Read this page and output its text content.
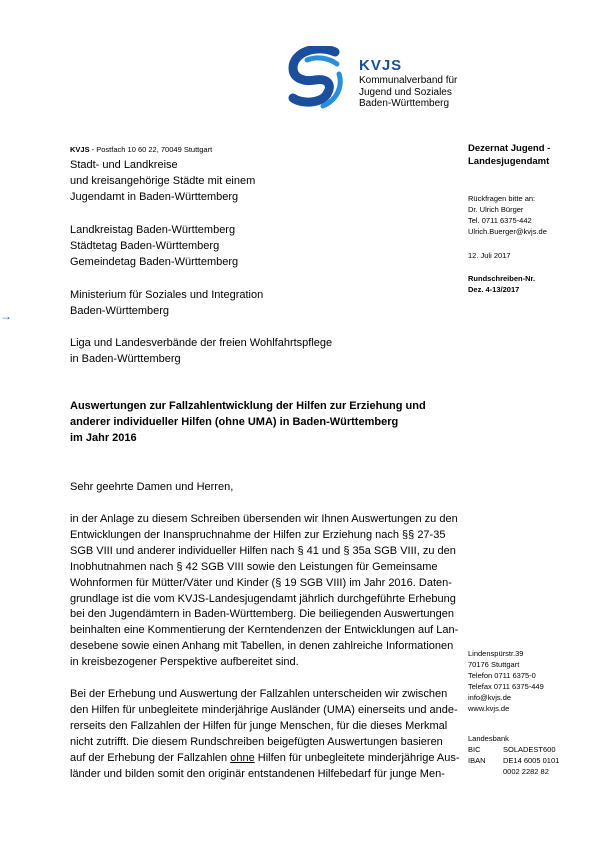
KVJS
Kommunalverband für
Jugend und Soziales
Baden-Württemberg
KVJS - Postfach 10 60 22, 70049 Stuttgart
Stadt- und Landkreise
und kreisangehörige Städte mit einem
Jugendamt in Baden-Württemberg
Landkreistag Baden-Württemberg
Städtetag Baden-Württemberg
Gemeindetag Baden-Württemberg
→
Ministerium für Soziales und Integration
Baden-Württemberg
Liga und Landesverbände der freien Wohlfahrtspflege
in Baden-Württemberg
Dezernat Jugend -
Landesjugendamt
Rückfragen bitte an:
Dr. Ulrich Bürger
Tel. 0711 6375-442
Ulrich.Buerger@kvjs.de
12. Juli 2017
Rundschreiben-Nr.
Dez. 4-13/2017
Lindenspürstr.39
70176 Stuttgart
Telefon 0711 6375-0
Telefax 0711 6375-449
info@kvjs.de
www.kvjs.de
Landesbank
BIC	SOLADEST600
IBAN DE14 6005 0101
0002 2282 82
Auswertungen zur Fallzahlentwicklung der Hilfen zur Erziehung und
anderer individueller Hilfen (ohne UMA) in Baden-Württemberg
im Jahr 2016
Sehr geehrte Damen und Herren,
in der Anlage zu diesem Schreiben übersenden wir Ihnen Auswertungen zu den
Entwicklungen der Inanspruchnahme der Hilfen zur Erziehung nach §§ 27-35
SGB VIII und anderer individueller Hilfen nach § 41 und § 35a SGB VIII, zu den
Inobhutnahmen nach § 42 SGB VIII sowie den Leistungen für Gemeinsame
Wohnformen für Mütter/Väter und Kinder (§ 19 SGB VIII) im Jahr 2016. Daten-
grundlage ist die vom KVJS-Landesjugendamt jährlich durchgeführte Erhebung
bei den Jugendämtern in Baden-Württemberg. Die beiliegenden Auswertungen
beinhalten eine Kommentierung der Kerntendenzen der Entwicklungen auf Lan-
desebene sowie einen Anhang mit Tabellen, in denen zahlreiche Informationen
in kreisbezogener Perspektive aufbereitet sind.
Bei der Erhebung und Auswertung der Fallzahlen unterscheiden wir zwischen
den Hilfen für unbegleitete minderjährige Ausländer (UMA) einerseits und ande-
rerseits den Fallzahlen der Hilfen für junge Menschen, für die dieses Merkmal
nicht zutrifft. Die diesem Rundschreiben beigefügten Auswertungen basieren
auf der Erhebung der Fallzahlen ohne Hilfen für unbegleitete minderjährige Aus-
länder und bilden somit den originär entstandenen Hilfebedarf für junge Men-
